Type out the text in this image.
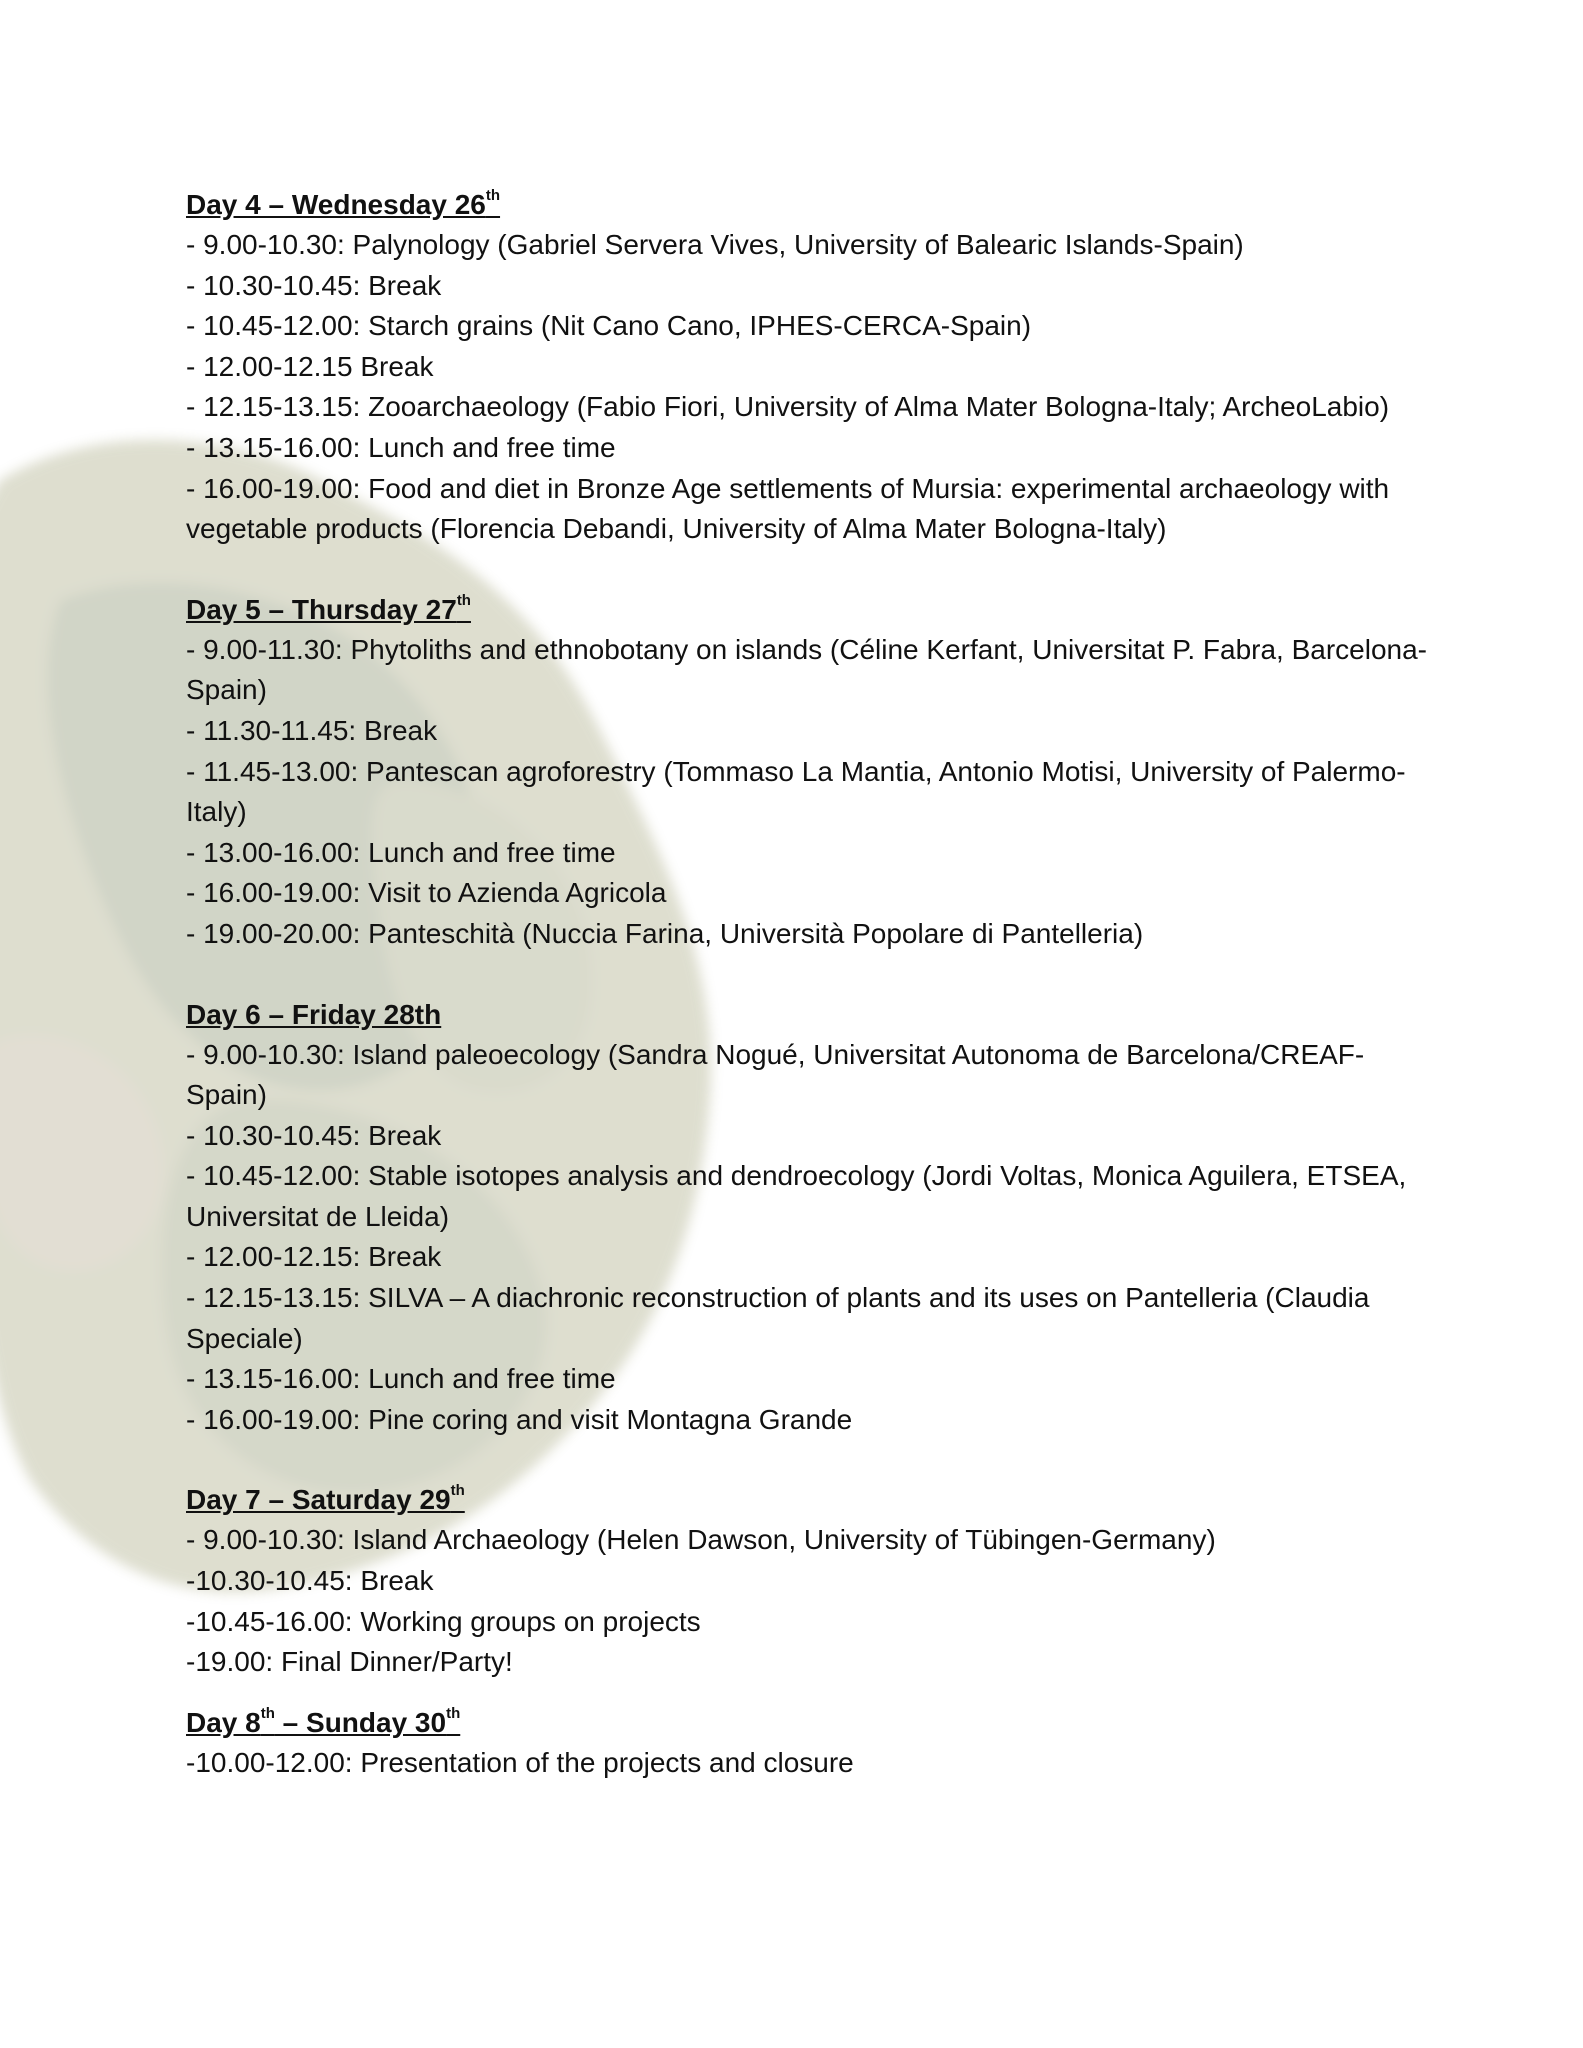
Day 4 – Wednesday 26th

- 9.00-10.30: Palynology (Gabriel Servera Vives, University of Balearic Islands-Spain)

- 10.30-10.45: Break

- 10.45-12.00: Starch grains (Nit Cano Cano, IPHES-CERCA-Spain)

- 12.00-12.15 Break

- 12.15-13.15: Zooarchaeology (Fabio Fiori, University of Alma Mater Bologna-Italy; ArcheoLabio)

- 13.15-16.00: Lunch and free time

- 16.00-19.00: Food and diet in Bronze Age settlements of Mursia: experimental archaeology with vegetable products (Florencia Debandi, University of Alma Mater Bologna-Italy)

Day 5 – Thursday 27th

- 9.00-11.30: Phytoliths and ethnobotany on islands (Céline Kerfant, Universitat P. Fabra, Barcelona-Spain)

- 11.30-11.45: Break

- 11.45-13.00: Pantescan agroforestry (Tommaso La Mantia, Antonio Motisi, University of Palermo-Italy)

- 13.00-16.00: Lunch and free time

- 16.00-19.00: Visit to Azienda Agricola

- 19.00-20.00: Panteschità (Nuccia Farina, Università Popolare di Pantelleria)

Day 6 – Friday 28th

- 9.00-10.30: Island paleoecology (Sandra Nogué, Universitat Autonoma de Barcelona/CREAF-Spain)

- 10.30-10.45: Break

- 10.45-12.00: Stable isotopes analysis and dendroecology (Jordi Voltas, Monica Aguilera, ETSEA, Universitat de Lleida)

- 12.00-12.15: Break

- 12.15-13.15: SILVA – A diachronic reconstruction of plants and its uses on Pantelleria (Claudia Speciale)

- 13.15-16.00: Lunch and free time

- 16.00-19.00: Pine coring and visit Montagna Grande

Day 7 – Saturday 29th

- 9.00-10.30: Island Archaeology (Helen Dawson, University of Tübingen-Germany)

-10.30-10.45: Break

-10.45-16.00: Working groups on projects

-19.00: Final Dinner/Party!

Day 8th – Sunday 30th

-10.00-12.00: Presentation of the projects and closure
